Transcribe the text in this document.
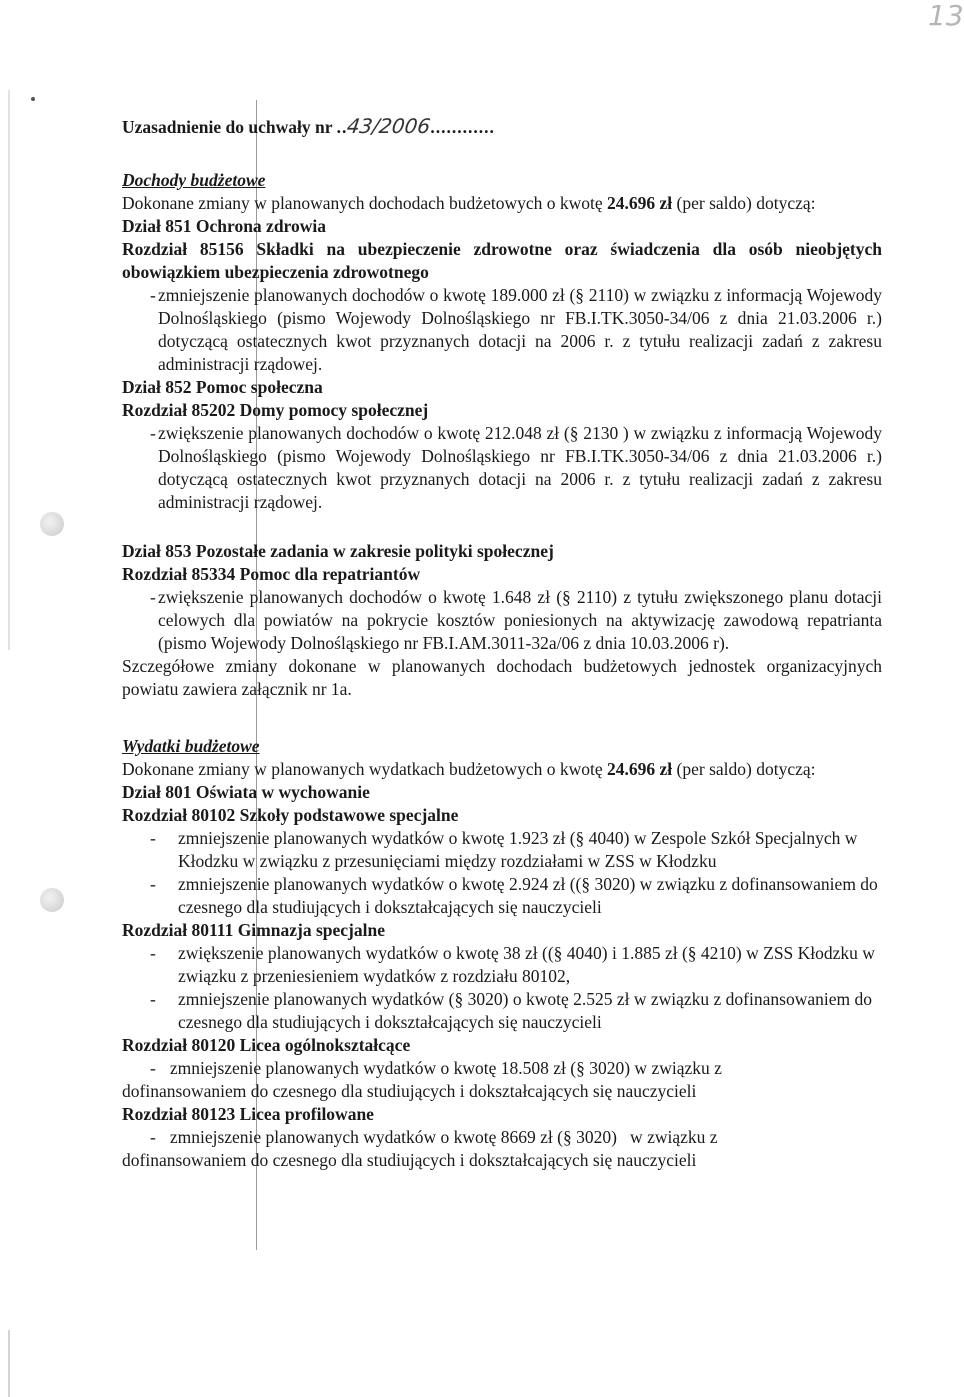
13
Uzasadnienie do uchwały nr ..43/2006............
Dochody budżetowe
Dokonane zmiany w planowanych dochodach budżetowych o kwotę 24.696 zł (per saldo) dotyczą:
Dział 851 Ochrona zdrowia
Rozdział 85156 Składki na ubezpieczenie zdrowotne oraz świadczenia dla osób nieobjętych obowiązkiem ubezpieczenia zdrowotnego
- zmniejszenie planowanych dochodów o kwotę 189.000 zł (§ 2110) w związku z informacją Wojewody Dolnośląskiego (pismo Wojewody Dolnośląskiego nr FB.I.TK.3050-34/06 z dnia 21.03.2006 r.) dotyczącą ostatecznych kwot przyznanych dotacji na 2006 r. z tytułu realizacji zadań z zakresu administracji rządowej.
Dział 852 Pomoc społeczna
Rozdział 85202 Domy pomocy społecznej
- zwiększenie planowanych dochodów o kwotę 212.048 zł (§ 2130 ) w związku z informacją Wojewody Dolnośląskiego (pismo Wojewody Dolnośląskiego nr FB.I.TK.3050-34/06 z dnia 21.03.2006 r.) dotyczącą ostatecznych kwot przyznanych dotacji na 2006 r. z tytułu realizacji zadań z zakresu administracji rządowej.
Dział 853 Pozostałe zadania w zakresie polityki społecznej
Rozdział 85334 Pomoc dla repatriantów
- zwiększenie planowanych dochodów o kwotę 1.648 zł (§ 2110) z tytułu zwiększonego planu dotacji celowych dla powiatów na pokrycie kosztów poniesionych na aktywizację zawodową repatrianta (pismo Wojewody Dolnośląskiego nr FB.I.AM.3011-32a/06 z dnia 10.03.2006 r).
Szczegółowe zmiany dokonane w planowanych dochodach budżetowych jednostek organizacyjnych powiatu zawiera załącznik nr 1a.
Wydatki budżetowe
Dokonane zmiany w planowanych wydatkach budżetowych o kwotę 24.696 zł (per saldo) dotyczą:
Dział 801 Oświata w wychowanie
Rozdział 80102 Szkoły podstawowe specjalne
-	zmniejszenie planowanych wydatków o kwotę 1.923 zł (§ 4040) w Zespole Szkół Specjalnych w Kłodzku w związku z przesunięciami między rozdziałami w ZSS w Kłodzku
-	zmniejszenie planowanych wydatków o kwotę 2.924 zł ((§ 3020) w związku z dofinansowaniem do czesnego dla studiujących i dokształcających się nauczycieli
Rozdział 80111 Gimnazja specjalne
-	zwiększenie planowanych wydatków o kwotę 38 zł ((§ 4040) i 1.885 zł (§ 4210) w ZSS Kłodzku w związku z przeniesieniem wydatków z rozdziału 80102,
-	zmniejszenie planowanych wydatków (§ 3020) o kwotę 2.525 zł w związku z dofinansowaniem do czesnego dla studiujących i dokształcających się nauczycieli
Rozdział 80120 Licea ogólnokształcące
- zmniejszenie planowanych wydatków o kwotę 18.508 zł (§ 3020) w związku z
dofinansowaniem do czesnego dla studiujących i dokształcających się nauczycieli
Rozdział 80123 Licea profilowane
- zmniejszenie planowanych wydatków o kwotę 8669 zł (§ 3020)   w związku z
dofinansowaniem do czesnego dla studiujących i dokształcających się nauczycieli
